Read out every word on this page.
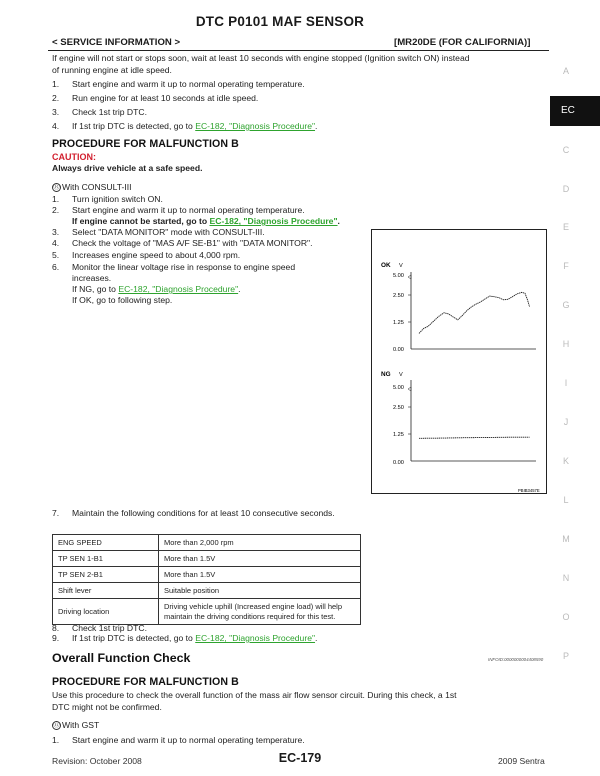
DTC P0101 MAF SENSOR
< SERVICE INFORMATION >	[MR20DE (FOR CALIFORNIA)]
If engine will not start or stops soon, wait at least 10 seconds with engine stopped (Ignition switch ON) instead
of running engine at idle speed.
1. Start engine and warm it up to normal operating temperature.
2. Run engine for at least 10 seconds at idle speed.
3. Check 1st trip DTC.
4. If 1st trip DTC is detected, go to EC-182, "Diagnosis Procedure".
PROCEDURE FOR MALFUNCTION B
CAUTION:
Always drive vehicle at a safe speed.
Ⓡ With CONSULT-III
1. Turn ignition switch ON.
2. Start engine and warm it up to normal operating temperature.
If engine cannot be started, go to EC-182, "Diagnosis Procedure".
3. Select "DATA MONITOR" mode with CONSULT-III.
4. Check the voltage of "MAS A/F SE-B1" with "DATA MONITOR".
5. Increases engine speed to about 4,000 rpm.
6. Monitor the linear voltage rise in response to engine speed
increases.
If NG, go to EC-182, "Diagnosis Procedure".
If OK, go to following step.
OK V
5.00
2.50
1.25
0.00
NG V
5.00
2.50
1.25
0.00
PBIB3457E
7. Maintain the following conditions for at least 10 consecutive seconds.
ENG SPEED	More than 2,000 rpm
TP SEN 1-B1	More than 1.5V
TP SEN 2-B1	More than 1.5V
Shift lever	Suitable position
Driving location	Driving vehicle uphill (Increased engine load) will help
maintain the driving conditions required for this test.
8. Check 1st trip DTC.
9. If 1st trip DTC is detected, go to EC-182, "Diagnosis Procedure".
Overall Function Check	INFOID:0000000004408590
PROCEDURE FOR MALFUNCTION B
Use this procedure to check the overall function of the mass air flow sensor circuit. During this check, a 1st
DTC might not be confirmed.
Ⓖ With GST
1. Start engine and warm it up to normal operating temperature.
A
EC
C
D
E
F
G
H
I
J
K
L
M
N
O
P
Revision: October 2008	EC-179	2009 Sentra
